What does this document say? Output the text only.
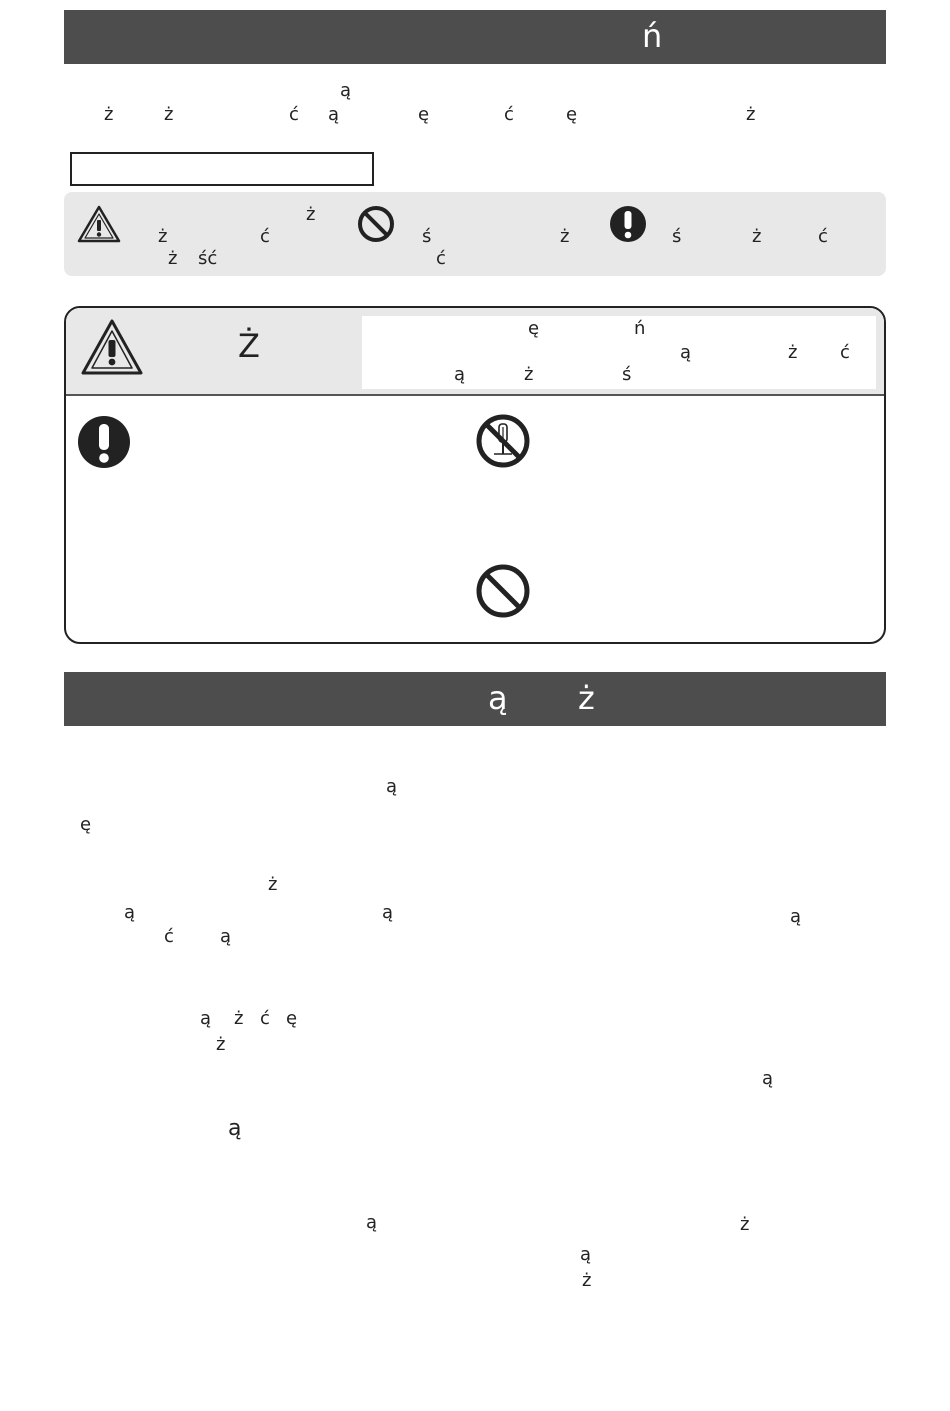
ń
ą
ż	ż	ć ą	ę	ć	ę	ż
ż
ż
ć
ż ść
ś
ć
ż	ś	ż	ć
Ż	ę	ń
ą	ż ć
ą	ż	ś
ą ż
ą
ę
ż
ą	ą	ą
ć	ą
ą ż ć ę
ż
ą
ą
ą	ż
ą
ż
